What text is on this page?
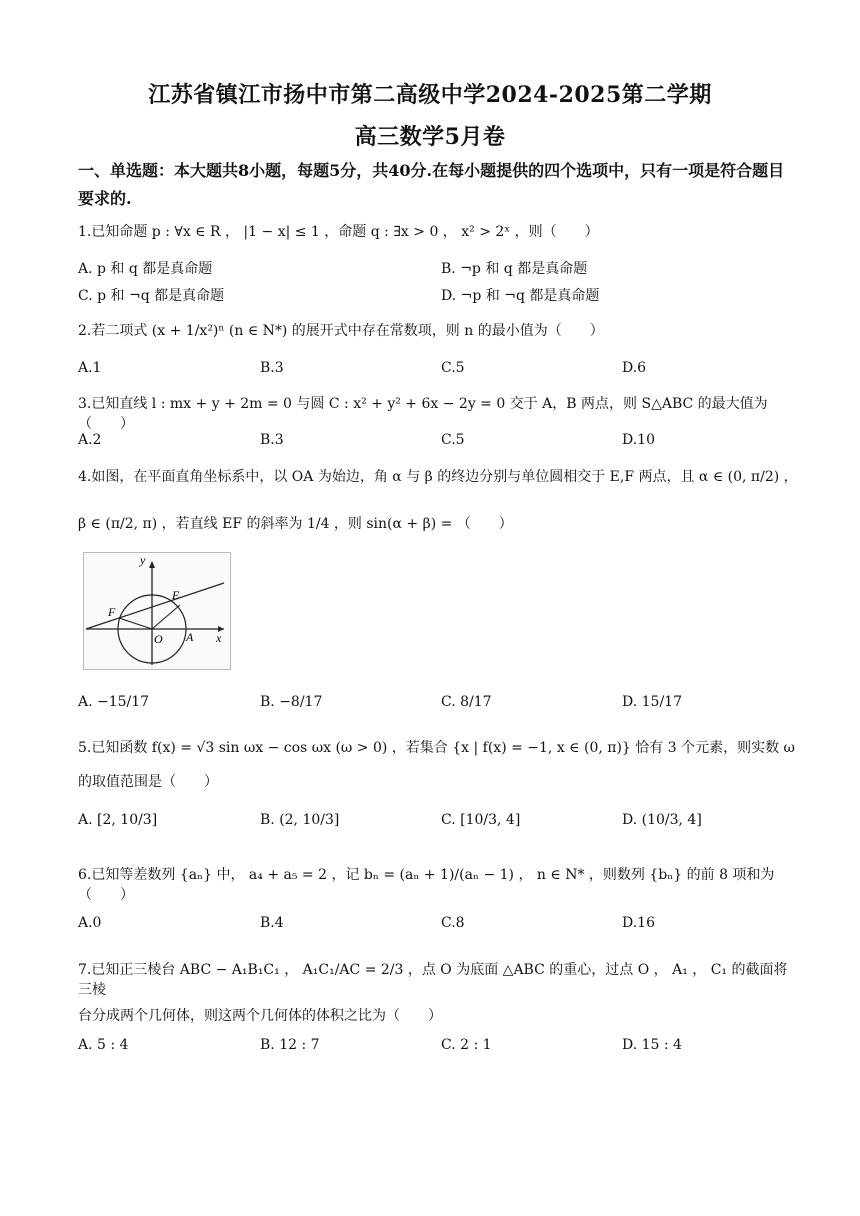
江苏省镇江市扬中市第二高级中学2024-2025第二学期
高三数学5月卷
一、单选题：本大题共8小题，每题5分，共40分.在每小题提供的四个选项中，只有一项是符合题目要求的.
1.已知命题 p : ∀x ∈ R ， |1 − x| ≤ 1 ，命题 q : ∃x > 0 ， x² > 2ˣ ，则（　　）
A. p 和 q 都是真命题	B. ¬p 和 q 都是真命题
C. p 和 ¬q 都是真命题	D. ¬p 和 ¬q 都是真命题
2.若二项式 (x + 1/x²)ⁿ (n ∈ N*) 的展开式中存在常数项，则 n 的最小值为（　　）
A.1	B.3	C.5	D.6
3.已知直线 l : mx + y + 2m = 0 与圆 C : x² + y² + 6x − 2y = 0 交于 A，B 两点，则 S△ABC 的最大值为（　　）
A.2	B.3	C.5	D.10
4.如图，在平面直角坐标系中，以 OA 为始边，角 α 与 β 的终边分别与单位圆相交于 E,F 两点，且 α ∈ (0, π/2) ，
β ∈ (π/2, π) ，若直线 EF 的斜率为 1/4 ，则 sin(α + β) = （　　）
y
x
O A
E
F
A. −15/17	B. −8/17	C. 8/17	D. 15/17
5.已知函数 f(x) = √3 sin ωx − cos ωx (ω > 0) ，若集合 {x | f(x) = −1, x ∈ (0, π)} 恰有 3 个元素，则实数 ω
的取值范围是（　　）
A. [2, 10/3]	B. (2, 10/3]	C. [10/3, 4]	D. (10/3, 4]
6.已知等差数列 {aₙ} 中， a₄ + a₅ = 2 ，记 bₙ = (aₙ + 1)/(aₙ − 1) ， n ∈ N* ，则数列 {bₙ} 的前 8 项和为（　　）
A.0	B.4	C.8	D.16
7.已知正三棱台 ABC − A₁B₁C₁ ， A₁C₁/AC = 2/3 ，点 O 为底面 △ABC 的重心，过点 O ， A₁ ， C₁ 的截面将三棱
台分成两个几何体，则这两个几何体的体积之比为（　　）
A. 5 : 4	B. 12 : 7	C. 2 : 1	D. 15 : 4
